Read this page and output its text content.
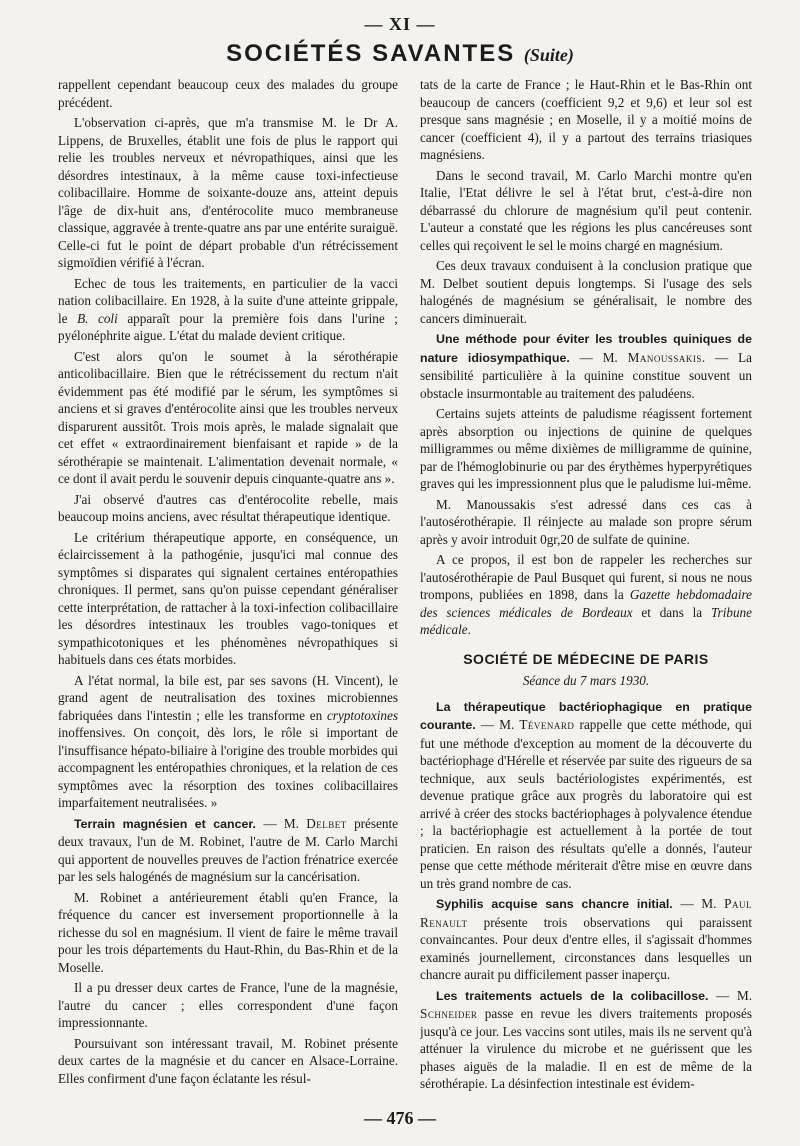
— XI —
SOCIÉTÉS SAVANTES (Suite)

rappellent cependant beaucoup ceux des malades du groupe précédent.

L'observation ci-après, que m'a transmise M. le Dr A. Lippens, de Bruxelles, établit une fois de plus le rapport qui relie les troubles nerveux et névropathiques, ainsi que les désordres intestinaux, à la même cause toxi-infectieuse colibacillaire. Homme de soixante-douze ans, atteint depuis l'âge de dix-huit ans, d'entérocolite muco membraneuse classique, aggravée à trente-quatre ans par une entérite suraiguë. Celle-ci fut le point de départ probable d'un rétrécissement sigmoïdien vérifié à l'écran.

Echec de tous les traitements, en particulier de la vacci nation colibacillaire. En 1928, à la suite d'une atteinte grippale, le B. coli apparaît pour la première fois dans l'urine ; pyélonéphrite aigue. L'état du malade devient critique.

C'est alors qu'on le soumet à la sérothérapie anticolibacillaire. Bien que le rétrécissement du rectum n'ait évidemment pas été modifié par le sérum, les symptômes si anciens et si graves d'entérocolite ainsi que les troubles nerveux disparurent aussitôt. Trois mois après, le malade signalait que cet effet « extraordinairement bienfaisant et rapide » de la sérothérapie se maintenait. L'alimentation devenait normale, « ce dont il avait perdu le souvenir depuis cinquante-quatre ans ».

J'ai observé d'autres cas d'entérocolite rebelle, mais beaucoup moins anciens, avec résultat thérapeutique identique.

Le critérium thérapeutique apporte, en conséquence, un éclaircissement à la pathogénie, jusqu'ici mal connue des symptômes si disparates qui signalent certaines entéropathies chroniques. Il permet, sans qu'on puisse cependant généraliser cette interprétation, de rattacher à la toxi-infection colibacillaire les désordres intestinaux les troubles vago-toniques et sympathicotoniques et les phénomènes névropathiques si habituels dans ces états morbides.

A l'état normal, la bile est, par ses savons (H. Vincent), le grand agent de neutralisation des toxines microbiennes fabriquées dans l'intestin ; elle les transforme en cryptotoxines inoffensives. On conçoit, dès lors, le rôle si important de l'insuffisance hépato-biliaire à l'origine des trouble morbides qui accompagnent les entéropathies chroniques, et la relation de ces symptômes avec la résorption des toxines colibacillaires imparfaitement neutralisées. »

Terrain magnésien et cancer. — M. Delbet présente deux travaux, l'un de M. Robinet, l'autre de M. Carlo Marchi qui apportent de nouvelles preuves de l'action frénatrice exercée par les sels halogénés de magnésium sur la cancérisation.

M. Robinet a antérieurement établi qu'en France, la fréquence du cancer est inversement proportionnelle à la richesse du sol en magnésium. Il vient de faire le même travail pour les trois départements du Haut-Rhin, du Bas-Rhin et de la Moselle.

Il a pu dresser deux cartes de France, l'une de la magnésie, l'autre du cancer ; elles correspondent d'une façon impressionnante.

Poursuivant son intéressant travail, M. Robinet présente deux cartes de la magnésie et du cancer en Alsace-Lorraine. Elles confirment d'une façon éclatante les résul-

tats de la carte de France ; le Haut-Rhin et le Bas-Rhin ont beaucoup de cancers (coefficient 9,2 et 9,6) et leur sol est presque sans magnésie ; en Moselle, il y a moitié moins de cancer (coefficient 4), il y a partout des terrains triasiques magnésiens.

Dans le second travail, M. Carlo Marchi montre qu'en Italie, l'Etat délivre le sel à l'état brut, c'est-à-dire non débarrassé du chlorure de magnésium qu'il peut contenir. L'auteur a constaté que les régions les plus cancéreuses sont celles qui reçoivent le sel le moins chargé en magnésium.

Ces deux travaux conduisent à la conclusion pratique que M. Delbet soutient depuis longtemps. Si l'usage des sels halogénés de magnésium se généralisait, le nombre des cancers diminuerait.

Une méthode pour éviter les troubles quiniques de nature idiosympathique. — M. Manoussakis. — La sensibilité particulière à la quinine constitue souvent un obstacle insurmontable au traitement des paludéens.

Certains sujets atteints de paludisme réagissent fortement après absorption ou injections de quinine de quelques milligrammes ou même dixièmes de milligramme de quinine, par de l'hémoglobinurie ou par des érythèmes hyperpyrétiques graves qui les impressionnent plus que le paludisme lui-même.

M. Manoussakis s'est adressé dans ces cas à l'autosérothérapie. Il réinjecte au malade son propre sérum après y avoir introduit 0gr,20 de sulfate de quinine.

A ce propos, il est bon de rappeler les recherches sur l'autosérothérapie de Paul Busquet qui furent, si nous ne nous trompons, publiées en 1898, dans la Gazette hebdomadaire des sciences médicales de Bordeaux et dans la Tribune médicale.

SOCIÉTÉ DE MÉDECINE DE PARIS
Séance du 7 mars 1930.

La thérapeutique bactériophagique en pratique courante. — M. Tévenard rappelle que cette méthode, qui fut une méthode d'exception au moment de la découverte du bactériophage d'Hérelle et réservée par suite des rigueurs de sa technique, aux seuls bactériologistes expérimentés, est devenue pratique grâce aux progrès du laboratoire qui est arrivé à créer des stocks bactériophages à polyvalence étendue ; la bactériophagie est actuellement à la portée de tout praticien. En raison des résultats qu'elle a donnés, l'auteur pense que cette méthode mériterait d'être mise en œuvre dans un très grand nombre de cas.

Syphilis acquise sans chancre initial. — M. Paul Renault présente trois observations qui paraissent convaincantes. Pour deux d'entre elles, il s'agissait d'hommes examinés journellement, circonstances dans lesquelles un chancre aurait pu difficilement passer inaperçu.

Les traitements actuels de la colibacillose. — M. Schneider passe en revue les divers traitements proposés jusqu'à ce jour. Les vaccins sont utiles, mais ils ne servent qu'à atténuer la virulence du microbe et ne guérissent que les phases aiguës de la maladie. Il en est de même de la sérothérapie. La désinfection intestinale est évidem-

— 476 —
